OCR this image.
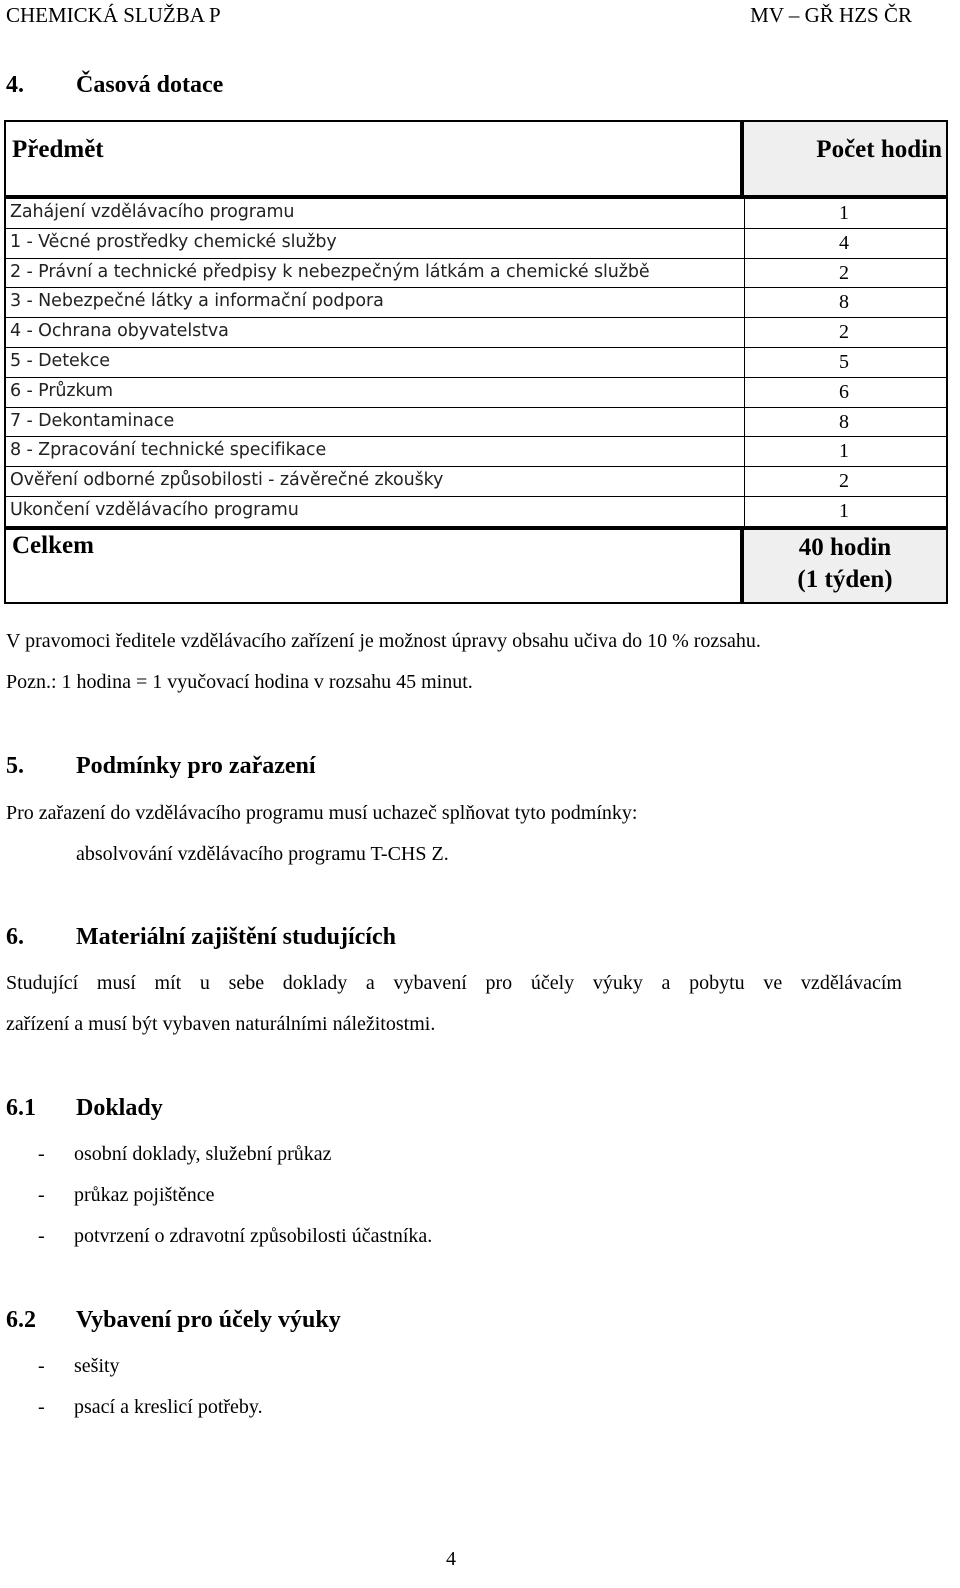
CHEMICKÁ SLUŽBA P	MV – GŘ HZS ČR
4. Časová dotace
Předmět	Počet hodin
Zahájení vzdělávacího programu	1
1 - Věcné prostředky chemické služby	4
2 - Právní a technické předpisy k nebezpečným látkám a chemické službě	2
3 - Nebezpečné látky a informační podpora	8
4 - Ochrana obyvatelstva	2
5 - Detekce	5
6 - Průzkum	6
7 - Dekontaminace	8
8 - Zpracování technické specifikace	1
Ověření odborné způsobilosti - závěrečné zkoušky	2
Ukončení vzdělávacího programu	1
Celkem	40 hodin
(1 týden)
V pravomoci ředitele vzdělávacího zařízení je možnost úpravy obsahu učiva do 10 % rozsahu.
Pozn.: 1 hodina = 1 vyučovací hodina v rozsahu 45 minut.
5. Podmínky pro zařazení
Pro zařazení do vzdělávacího programu musí uchazeč splňovat tyto podmínky:
absolvování vzdělávacího programu T-CHS Z.
6. Materiální zajištění studujících
Studující musí mít u sebe doklady a vybavení pro účely výuky a pobytu ve vzdělávacím
zařízení a musí být vybaven naturálními náležitostmi.
6.1 Doklady
- osobní doklady, služební průkaz
- průkaz pojištěnce
- potvrzení o zdravotní způsobilosti účastníka.
6.2 Vybavení pro účely výuky
- sešity
- psací a kreslicí potřeby.
4
